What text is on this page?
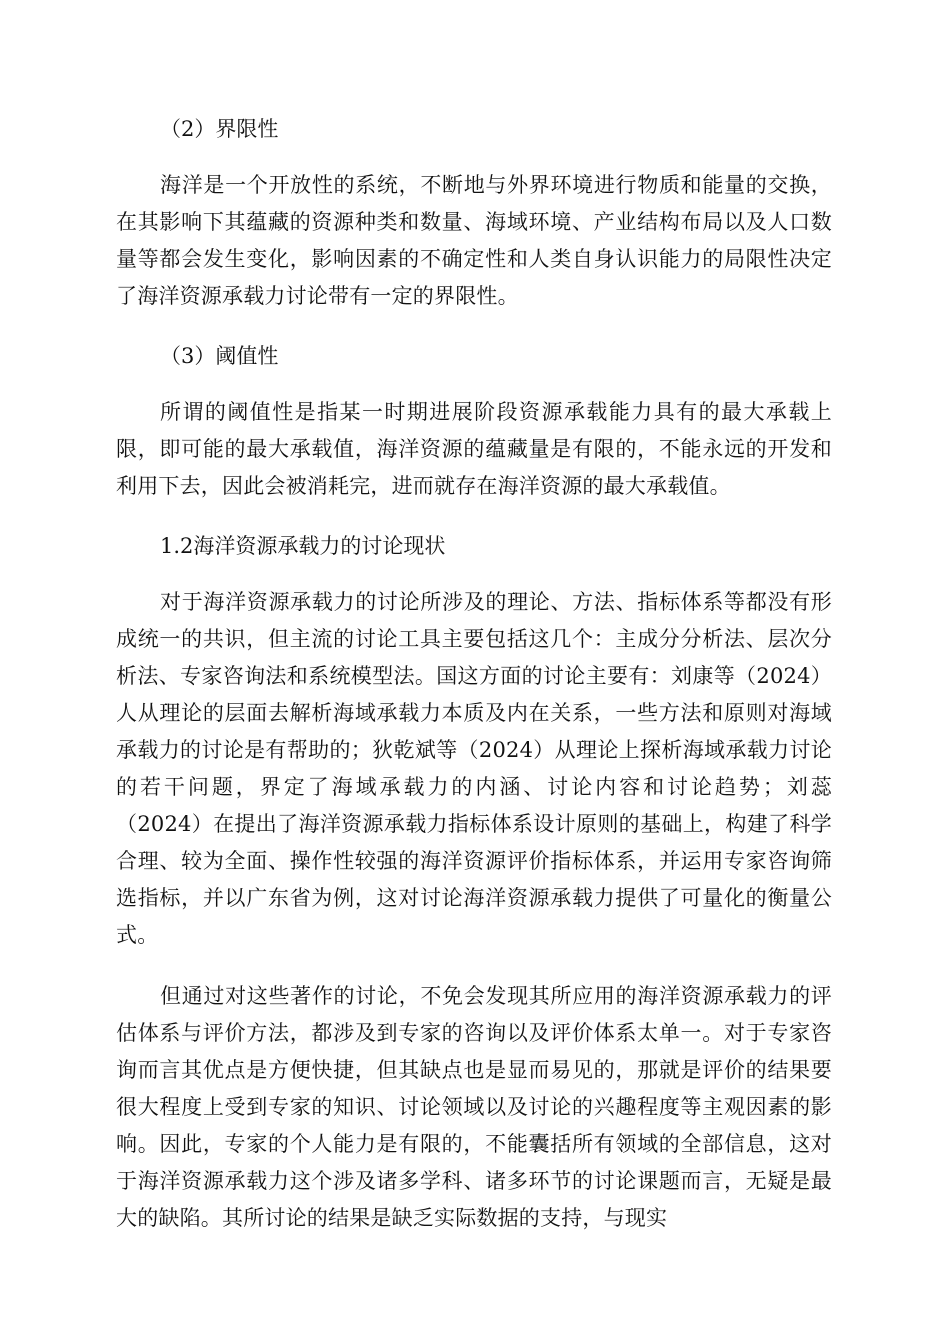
（2）界限性

海洋是一个开放性的系统，不断地与外界环境进行物质和能量的交换，在其影响下其蕴藏的资源种类和数量、海域环境、产业结构布局以及人口数量等都会发生变化，影响因素的不确定性和人类自身认识能力的局限性决定了海洋资源承载力讨论带有一定的界限性。

（3）阈值性

所谓的阈值性是指某一时期进展阶段资源承载能力具有的最大承载上限，即可能的最大承载值，海洋资源的蕴藏量是有限的，不能永远的开发和利用下去，因此会被消耗完，进而就存在海洋资源的最大承载值。

1.2海洋资源承载力的讨论现状

对于海洋资源承载力的讨论所涉及的理论、方法、指标体系等都没有形成统一的共识，但主流的讨论工具主要包括这几个：主成分分析法、层次分析法、专家咨询法和系统模型法。国这方面的讨论主要有：刘康等（2024）人从理论的层面去解析海域承载力本质及内在关系，一些方法和原则对海域承载力的讨论是有帮助的；狄乾斌等（2024）从理论上探析海域承载力讨论的若干问题，界定了海域承载力的内涵、讨论内容和讨论趋势；刘蕊（2024）在提出了海洋资源承载力指标体系设计原则的基础上，构建了科学合理、较为全面、操作性较强的海洋资源评价指标体系，并运用专家咨询筛选指标，并以广东省为例，这对讨论海洋资源承载力提供了可量化的衡量公式。

但通过对这些著作的讨论，不免会发现其所应用的海洋资源承载力的评估体系与评价方法，都涉及到专家的咨询以及评价体系太单一。对于专家咨询而言其优点是方便快捷，但其缺点也是显而易见的，那就是评价的结果要很大程度上受到专家的知识、讨论领域以及讨论的兴趣程度等主观因素的影响。因此，专家的个人能力是有限的，不能囊括所有领域的全部信息，这对于海洋资源承载力这个涉及诸多学科、诸多环节的讨论课题而言，无疑是最大的缺陷。其所讨论的结果是缺乏实际数据的支持，与现实
